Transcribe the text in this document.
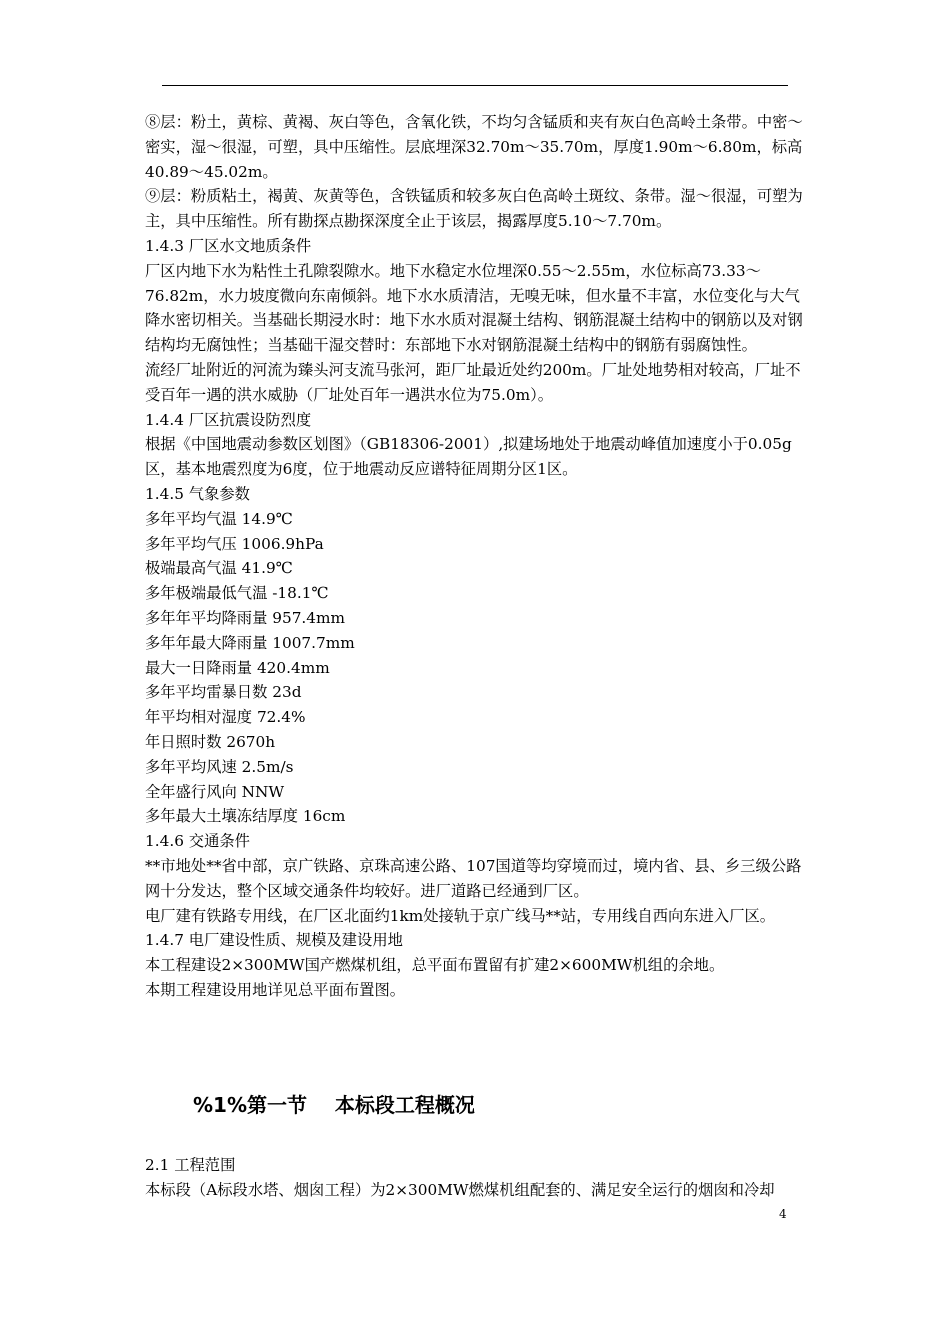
⑧层：粉土，黄棕、黄褐、灰白等色，含氧化铁，不均匀含锰质和夹有灰白色高岭土条带。中密～密实，湿～很湿，可塑，具中压缩性。层底埋深32.70m～35.70m，厚度1.90m～6.80m，标高40.89～45.02m。

⑨层：粉质粘土，褐黄、灰黄等色，含铁锰质和较多灰白色高岭土斑纹、条带。湿～很湿，可塑为主，具中压缩性。所有勘探点勘探深度全止于该层，揭露厚度5.10～7.70m。

1.4.3 厂区水文地质条件

厂区内地下水为粘性土孔隙裂隙水。地下水稳定水位埋深0.55～2.55m，水位标高73.33～76.82m，水力坡度微向东南倾斜。地下水水质清洁，无嗅无味，但水量不丰富，水位变化与大气降水密切相关。当基础长期浸水时：地下水水质对混凝土结构、钢筋混凝土结构中的钢筋以及对钢结构均无腐蚀性；当基础干湿交替时：东部地下水对钢筋混凝土结构中的钢筋有弱腐蚀性。

流经厂址附近的河流为臻头河支流马张河，距厂址最近处约200m。厂址处地势相对较高，厂址不受百年一遇的洪水威胁（厂址处百年一遇洪水位为75.0m）。

1.4.4 厂区抗震设防烈度

根据《中国地震动参数区划图》（GB18306-2001）,拟建场地处于地震动峰值加速度小于0.05g区，基本地震烈度为6度，位于地震动反应谱特征周期分区1区。

1.4.5 气象参数

多年平均气温 14.9℃

多年平均气压 1006.9hPa

极端最高气温 41.9℃

多年极端最低气温 -18.1℃

多年年平均降雨量 957.4mm

多年年最大降雨量 1007.7mm

最大一日降雨量 420.4mm

多年平均雷暴日数 23d

年平均相对湿度 72.4%

年日照时数 2670h

多年平均风速 2.5m/s

全年盛行风向 NNW

多年最大土壤冻结厚度 16cm

1.4.6 交通条件

**市地处**省中部，京广铁路、京珠高速公路、107国道等均穿境而过，境内省、县、乡三级公路网十分发达，整个区域交通条件均较好。进厂道路已经通到厂区。

电厂建有铁路专用线，在厂区北面约1km处接轨于京广线马**站，专用线自西向东进入厂区。

1.4.7 电厂建设性质、规模及建设用地

本工程建设2×300MW国产燃煤机组，总平面布置留有扩建2×600MW机组的余地。

本期工程建设用地详见总平面布置图。

%1%第一节    本标段工程概况

2.1 工程范围

本标段（A标段水塔、烟囱工程）为2×300MW燃煤机组配套的、满足安全运行的烟囱和冷却

4
